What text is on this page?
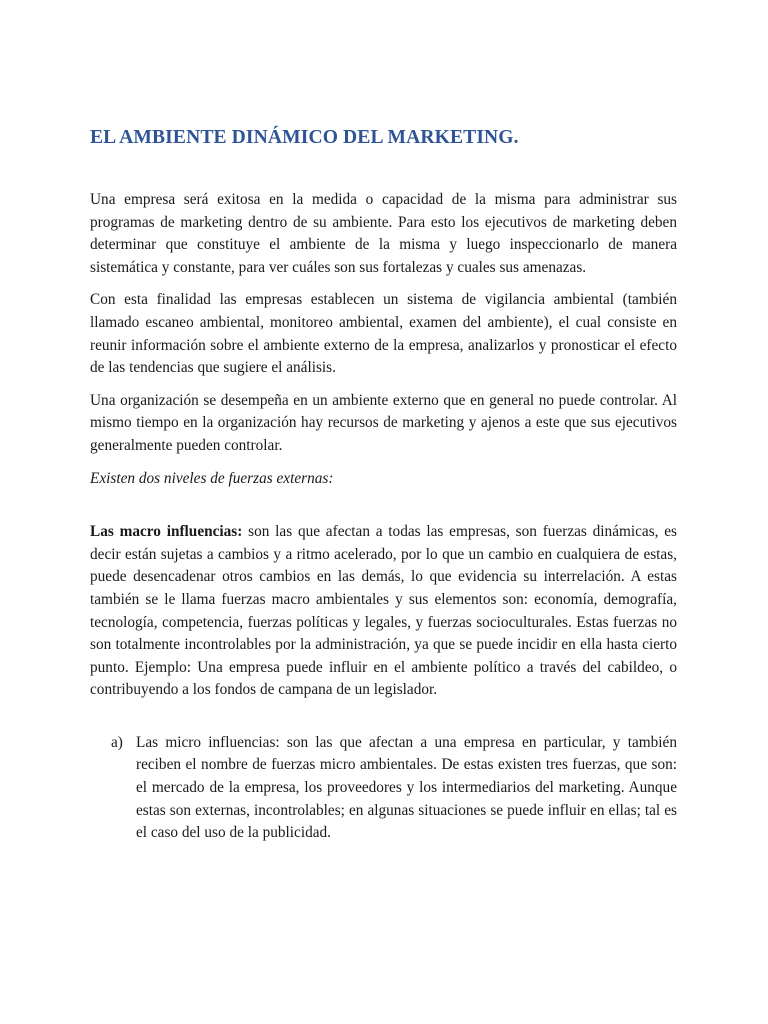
EL AMBIENTE DINÁMICO DEL MARKETING.

Una empresa será exitosa en la medida o capacidad de la misma para administrar sus programas de marketing dentro de su ambiente. Para esto los ejecutivos de marketing deben determinar que constituye el ambiente de la misma y luego inspeccionarlo de manera sistemática y constante, para ver cuáles son sus fortalezas y cuales sus amenazas.

Con esta finalidad las empresas establecen un sistema de vigilancia ambiental (también llamado escaneo ambiental, monitoreo ambiental, examen del ambiente), el cual consiste en reunir información sobre el ambiente externo de la empresa, analizarlos y pronosticar el efecto de las tendencias que sugiere el análisis.

Una organización se desempeña en un ambiente externo que en general no puede controlar. Al mismo tiempo en la organización hay recursos de marketing y ajenos a este que sus ejecutivos generalmente pueden controlar.

Existen dos niveles de fuerzas externas:

Las macro influencias: son las que afectan a todas las empresas, son fuerzas dinámicas, es decir están sujetas a cambios y a ritmo acelerado, por lo que un cambio en cualquiera de estas, puede desencadenar otros cambios en las demás, lo que evidencia su interrelación. A estas también se le llama fuerzas macro ambientales y sus elementos son: economía, demografía, tecnología, competencia, fuerzas políticas y legales, y fuerzas socioculturales. Estas fuerzas no son totalmente incontrolables por la administración, ya que se puede incidir en ella hasta cierto punto. Ejemplo: Una empresa puede influir en el ambiente político a través del cabildeo, o contribuyendo a los fondos de campana de un legislador.

a) Las micro influencias: son las que afectan a una empresa en particular, y también reciben el nombre de fuerzas micro ambientales. De estas existen tres fuerzas, que son: el mercado de la empresa, los proveedores y los intermediarios del marketing. Aunque estas son externas, incontrolables; en algunas situaciones se puede influir en ellas; tal es el caso del uso de la publicidad.
